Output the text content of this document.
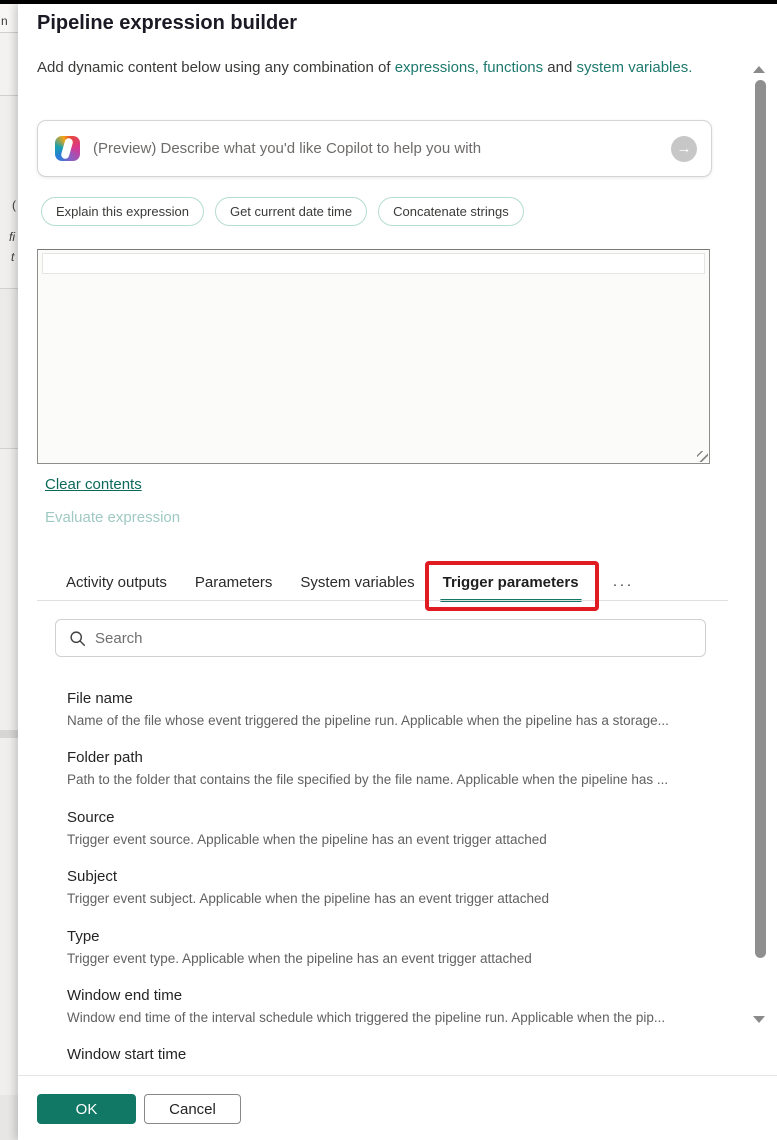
n
(
fi
t
Pipeline expression builder
Add dynamic content below using any combination of expressions, functions and system variables.
(Preview) Describe what you'd like Copilot to help you with
→
Explain this expression	Get current date time	Concatenate strings
Clear contents
Evaluate expression
Activity outputs	Parameters	System variables	Trigger parameters	···
Search
File name
Name of the file whose event triggered the pipeline run. Applicable when the pipeline has a storage...
Folder path
Path to the folder that contains the file specified by the file name. Applicable when the pipeline has ...
Source
Trigger event source. Applicable when the pipeline has an event trigger attached
Subject
Trigger event subject. Applicable when the pipeline has an event trigger attached
Type
Trigger event type. Applicable when the pipeline has an event trigger attached
Window end time
Window end time of the interval schedule which triggered the pipeline run. Applicable when the pip...
Window start time
OK	Cancel
